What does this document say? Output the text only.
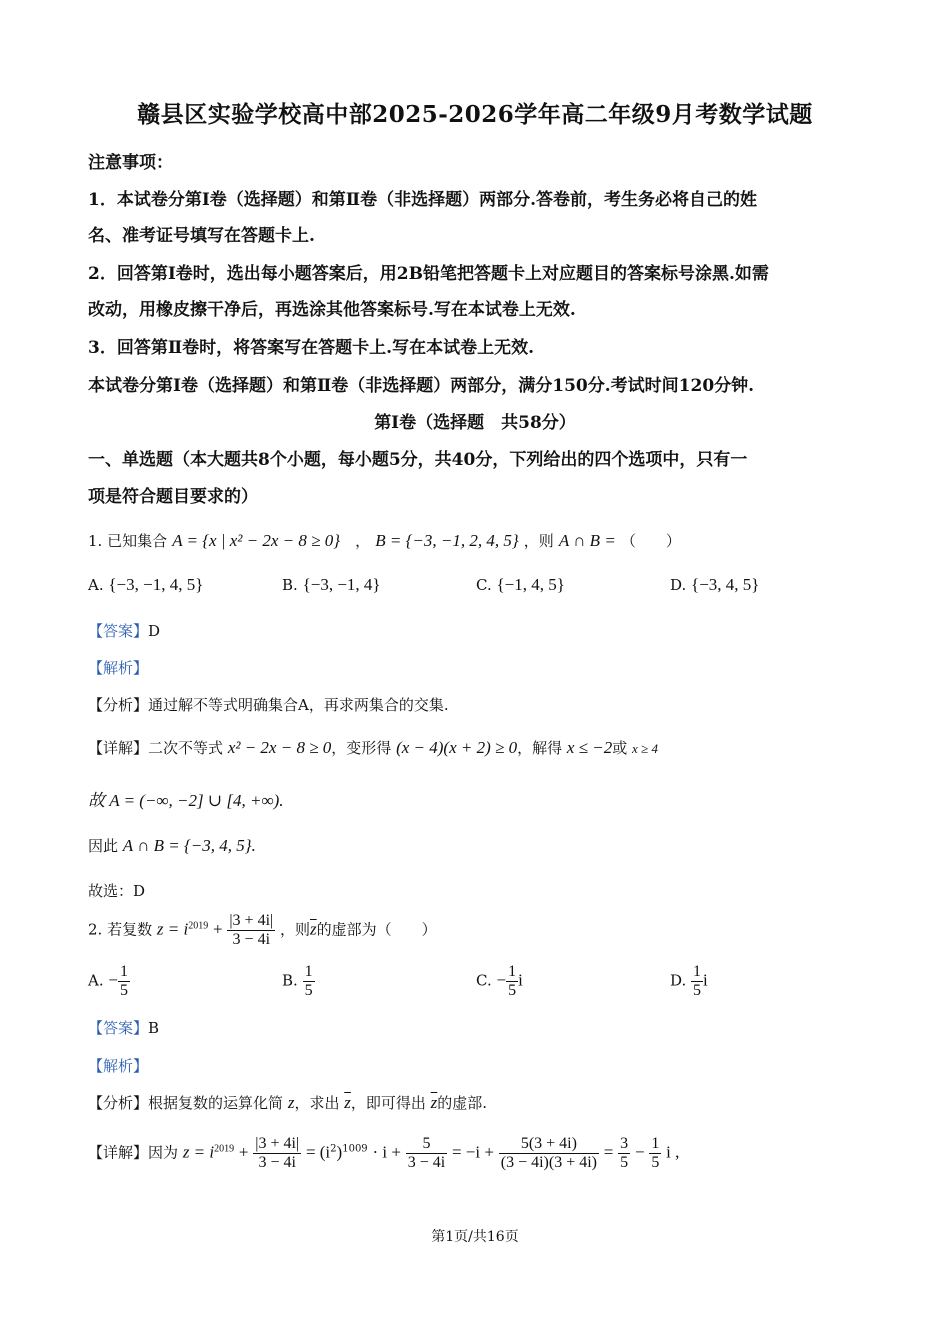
赣县区实验学校高中部2025-2026学年高二年级9月考数学试题
注意事项：
1．本试卷分第Ⅰ卷（选择题）和第Ⅱ卷（非选择题）两部分.答卷前，考生务必将自己的姓
名、准考证号填写在答题卡上.
2．回答第Ⅰ卷时，选出每小题答案后，用2B铅笔把答题卡上对应题目的答案标号涂黑.如需
改动，用橡皮擦干净后，再选涂其他答案标号.写在本试卷上无效.
3．回答第Ⅱ卷时，将答案写在答题卡上.写在本试卷上无效.
本试卷分第Ⅰ卷（选择题）和第Ⅱ卷（非选择题）两部分，满分150分.考试时间120分钟.
第Ⅰ卷（选择题　共58分）
一、单选题（本大题共8个小题，每小题5分，共40分，下列给出的四个选项中，只有一
项是符合题目要求的）
1. 已知集合 A = {x | x² − 2x − 8 ≥ 0} ， B = {−3, −1, 2, 4, 5} ，则 A ∩ B = （　　）
A. {−3, −1, 4, 5}	B. {−3, −1, 4}	C. {−1, 4, 5}	D. {−3, 4, 5}
【答案】D
【解析】
【分析】通过解不等式明确集合A，再求两集合的交集.
【详解】二次不等式 x² − 2x − 8 ≥ 0，变形得 (x − 4)(x + 2) ≥ 0，解得 x ≤ −2或 x ≥ 4
故 A = (−∞, −2] ∪ [4, +∞).
因此 A ∩ B = {−3, 4, 5}.
故选：D
2. 若复数 $z = i^{2019} + \frac{|3 + 4i|}{3 - 4i}$ ，则$\overline{z}$的虚部为（　　）
A. − $\frac{1}{5}$	B. $\frac{1}{5}$	C. − $\frac{1}{5}$ i	D. $\frac{1}{5}$ i
【答案】B
【解析】
【分析】根据复数的运算化简 z，求出 $\overline{z}$，即可得出 $\overline{z}$的虚部.
【详解】因为 $z = i^{2019} + \frac{|3 + 4i|}{3 - 4i} = (i^2)^{1009} \cdot i + \frac{5}{3 - 4i} = -i + \frac{5(3 + 4i)}{(3 - 4i)(3 + 4i)} = \frac{3}{5} - \frac{1}{5}$ i ,
第1页/共16页
